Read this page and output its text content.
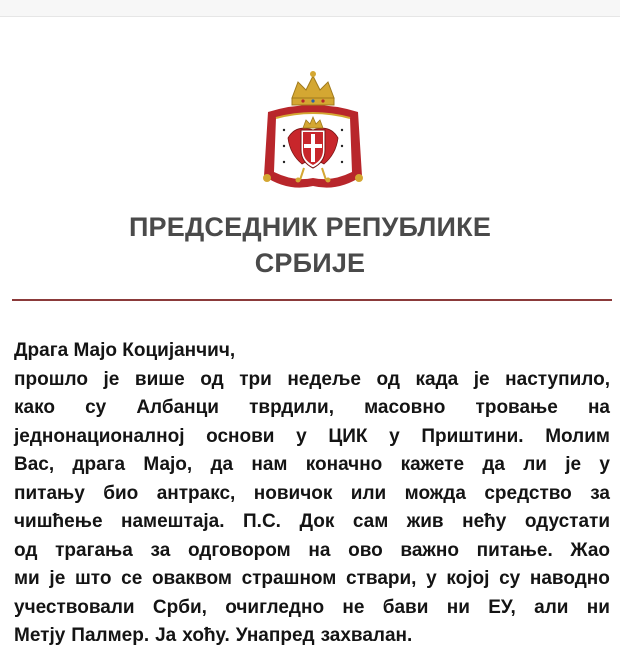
ПРЕДСЕДНИК РЕПУБЛИКЕ
СРБИЈЕ
Драга Мајо Коцијанчич,
прошло је више од три недеље од када је наступило,
како су Албанци тврдили, масовно тровање на
једнонационалној основи у ЦИК у Приштини. Молим
Вас, драга Мајо, да нам коначно кажете да ли је у
питању био антракс, новичок или можда средство за
чишћење намештаја. П.С. Док сам жив нећу одустати
од трагања за одговором на ово важно питање. Жао
ми је што се оваквом страшном ствари, у којој су наводно
учествовали Срби, очигледно не бави ни ЕУ, али ни
Метју Палмер. Ја хоћу. Унапред захвалан.
